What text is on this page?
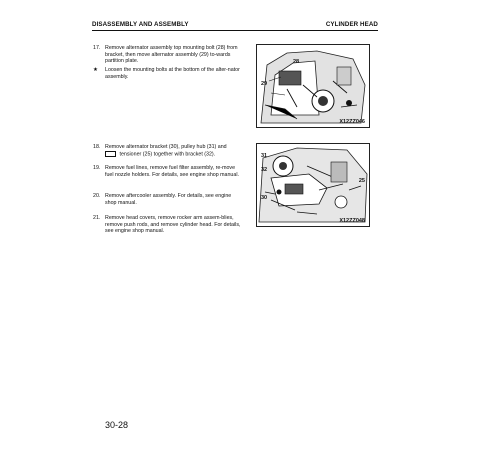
DISASSEMBLY AND ASSEMBLY	CYLINDER HEAD
17. Remove alternator assembly top mounting bolt (28) from bracket, then move alternator assembly (29) to-wards partition plate.
★ Loosen the mounting bolts at the bottom of the alter-nator assembly.
28
29
X12ZZ046
18. Remove alternator bracket (30), pulley hub (31) and
tensioner (25) together with bracket (32).
19. Remove fuel lines, remove fuel filter assembly, re-move fuel nozzle holders. For details, see engine shop manual.
20. Remove aftercooler assembly. For details, see engine shop manual.
21. Remove head covers, remove rocker arm assem-blies, remove push rods, and remove cylinder head. For details, see engine shop manual.
31
32
30
25
X12ZZ048
30-28
